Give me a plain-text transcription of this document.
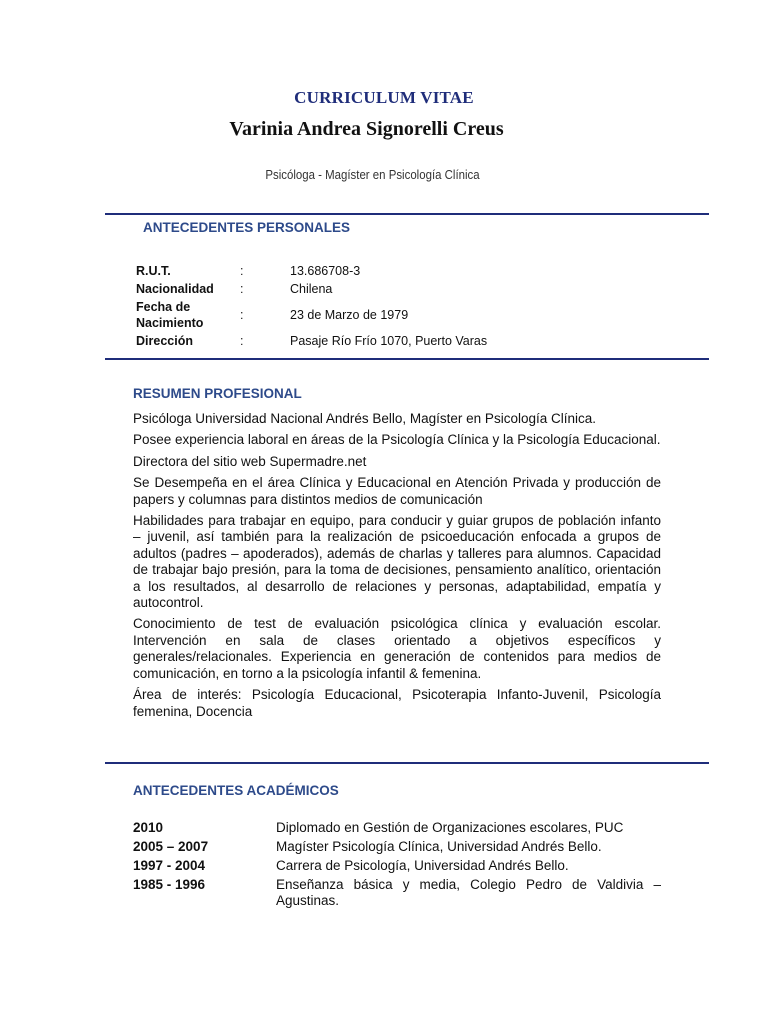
CURRICULUM VITAE
Varinia Andrea Signorelli Creus
Psicóloga - Magíster en Psicología Clínica
ANTECEDENTES PERSONALES
R.U.T.	:	13.686708-3
Nacionalidad	:	Chilena
Fecha de Nacimiento	:	23 de Marzo de 1979
Dirección	:	Pasaje Río Frío 1070, Puerto Varas
RESUMEN PROFESIONAL

Psicóloga Universidad Nacional Andrés Bello, Magíster en Psicología Clínica.

Posee experiencia laboral en áreas de la Psicología Clínica y la Psicología Educacional.

Directora del sitio web Supermadre.net

Se Desempeña en el área Clínica y Educacional en Atención Privada y producción de papers y columnas para distintos medios de comunicación

Habilidades para trabajar en equipo, para conducir y guiar grupos de población infanto – juvenil, así también para la realización de psicoeducación enfocada a grupos de adultos (padres – apoderados), además de charlas y talleres para alumnos. Capacidad de trabajar bajo presión, para la toma de decisiones, pensamiento analítico, orientación a los resultados, al desarrollo de relaciones y personas, adaptabilidad, empatía y autocontrol.

Conocimiento de test de evaluación psicológica clínica y evaluación escolar. Intervención en sala de clases orientado a objetivos específicos y generales/relacionales. Experiencia en generación de contenidos para medios de comunicación, en torno a la psicología infantil & femenina.

Área de interés: Psicología Educacional, Psicoterapia Infanto-Juvenil, Psicología femenina, Docencia

ANTECEDENTES ACADÉMICOS
2010	Diplomado en Gestión de Organizaciones escolares, PUC
2005 – 2007	Magíster Psicología Clínica, Universidad Andrés Bello.
1997 - 2004	Carrera de Psicología, Universidad Andrés Bello.
1985 - 1996	Enseñanza básica y media, Colegio Pedro de Valdivia – Agustinas.
